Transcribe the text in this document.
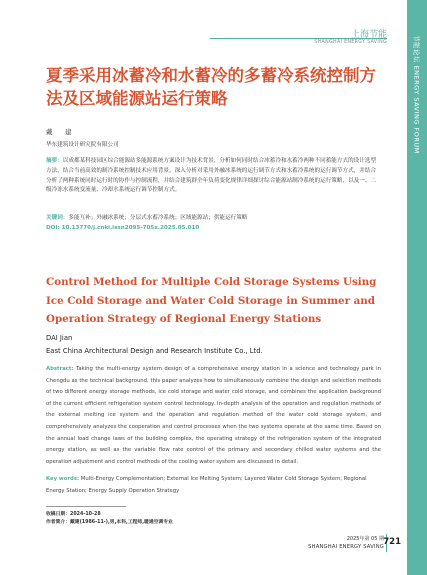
节能论坛 ENERGY SAVING FORUM
上海节能
SHANGHAI ENERGY SAVING
夏季采用冰蓄冷和水蓄冷的多蓄冷系统控制方法及区域能源站运行策略
戴　建
华东建筑设计研究院有限公司
摘要：以成都某科技园区综合能源站多能源系统方案设计为技术背景，分析如何同时结合冰蓄冷和水蓄冷两种不同蓄能方式的设计选型方法，结合当前高效的制冷系统控制技术应用背景，深入分析对采用外融冰系统的运行调节方式和水蓄冷系统的运行调节方式，并结合分析了两种系统同时运行时的协作与控制流程，并结合建筑群全年负荷变化规律详细探讨综合能源站制冷系统的运行策略，以及一、二级冷冻水系统变流量、冷却水系统运行调节控制方式。
关键词：多能互补；外融冰系统；分层式水蓄冷系统；区域能源站；供能运行策略
DOI: 10.13770/j.cnki.issn2095-705x.2025.05.010
Control Method for Multiple Cold Storage Systems Using Ice Cold Storage and Water Cold Storage in Summer and Operation Strategy of Regional Energy Stations
DAI Jian
East China Architectural Design and Research Institute Co., Ltd.
Abstract: Taking the multi-energy system design of a comprehensive energy station in a science and technology park in Chengdu as the technical background, this paper analyzes how to simultaneously combine the design and selection methods of two different energy storage methods, ice cold storage and water cold storage, and combines the application background of the current efficient refrigeration system control technology. In-depth analysis of the operation and regulation methods of the external melting ice system and the operation and regulation method of the water cold storage system, and comprehensively analyzes the cooperation and control processes when the two systems operate at the same time. Based on the annual load change laws of the building complex, the operating strategy of the refrigeration system of the integrated energy station, as well as the variable flow rate control of the primary and secondary chilled water systems and the operation adjustment and control methods of the cooling water system are discussed in detail.
Key words: Multi-Energy Complementation; External Ice Melting System; Layered Water Cold Storage System; Regional Energy Station; Energy Supply Operation Strategy
收稿日期：2024-10-28
作者简介：戴建(1986-11-),男,本科,工程师,暖通空调专业
2025年第 05 期
SHANGHAI ENERGY SAVING 721
